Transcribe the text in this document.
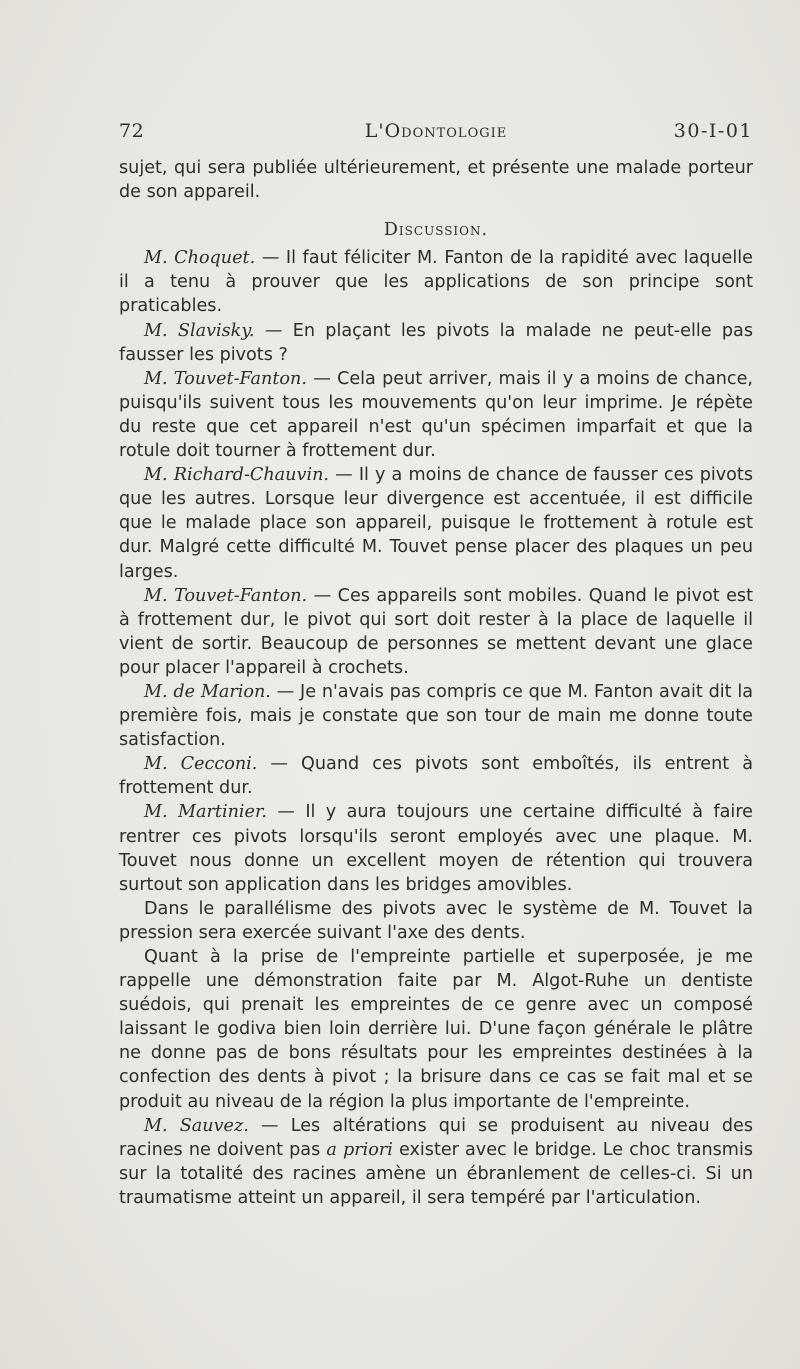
72	L'Odontologie	30-I-01

sujet, qui sera publiée ultérieurement, et présente une malade porteur de son appareil.

Discussion.

M. Choquet. — Il faut féliciter M. Fanton de la rapidité avec laquelle il a tenu à prouver que les applications de son principe sont praticables.

M. Slavisky. — En plaçant les pivots la malade ne peut-elle pas fausser les pivots ?

M. Touvet-Fanton. — Cela peut arriver, mais il y a moins de chance, puisqu'ils suivent tous les mouvements qu'on leur imprime. Je répète du reste que cet appareil n'est qu'un spécimen imparfait et que la rotule doit tourner à frottement dur.

M. Richard-Chauvin. — Il y a moins de chance de fausser ces pivots que les autres. Lorsque leur divergence est accentuée, il est difficile que le malade place son appareil, puisque le frottement à rotule est dur. Malgré cette difficulté M. Touvet pense placer des plaques un peu larges.

M. Touvet-Fanton. — Ces appareils sont mobiles. Quand le pivot est à frottement dur, le pivot qui sort doit rester à la place de laquelle il vient de sortir. Beaucoup de personnes se mettent devant une glace pour placer l'appareil à crochets.

M. de Marion. — Je n'avais pas compris ce que M. Fanton avait dit la première fois, mais je constate que son tour de main me donne toute satisfaction.

M. Cecconi. — Quand ces pivots sont emboîtés, ils entrent à frottement dur.

M. Martinier. — Il y aura toujours une certaine difficulté à faire rentrer ces pivots lorsqu'ils seront employés avec une plaque. M. Touvet nous donne un excellent moyen de rétention qui trouvera surtout son application dans les bridges amovibles.

Dans le parallélisme des pivots avec le système de M. Touvet la pression sera exercée suivant l'axe des dents.

Quant à la prise de l'empreinte partielle et superposée, je me rappelle une démonstration faite par M. Algot-Ruhe un dentiste suédois, qui prenait les empreintes de ce genre avec un composé laissant le godiva bien loin derrière lui. D'une façon générale le plâtre ne donne pas de bons résultats pour les empreintes destinées à la confection des dents à pivot ; la brisure dans ce cas se fait mal et se produit au niveau de la région la plus importante de l'empreinte.

M. Sauvez. — Les altérations qui se produisent au niveau des racines ne doivent pas a priori exister avec le bridge. Le choc transmis sur la totalité des racines amène un ébranlement de celles-ci. Si un traumatisme atteint un appareil, il sera tempéré par l'articulation.
